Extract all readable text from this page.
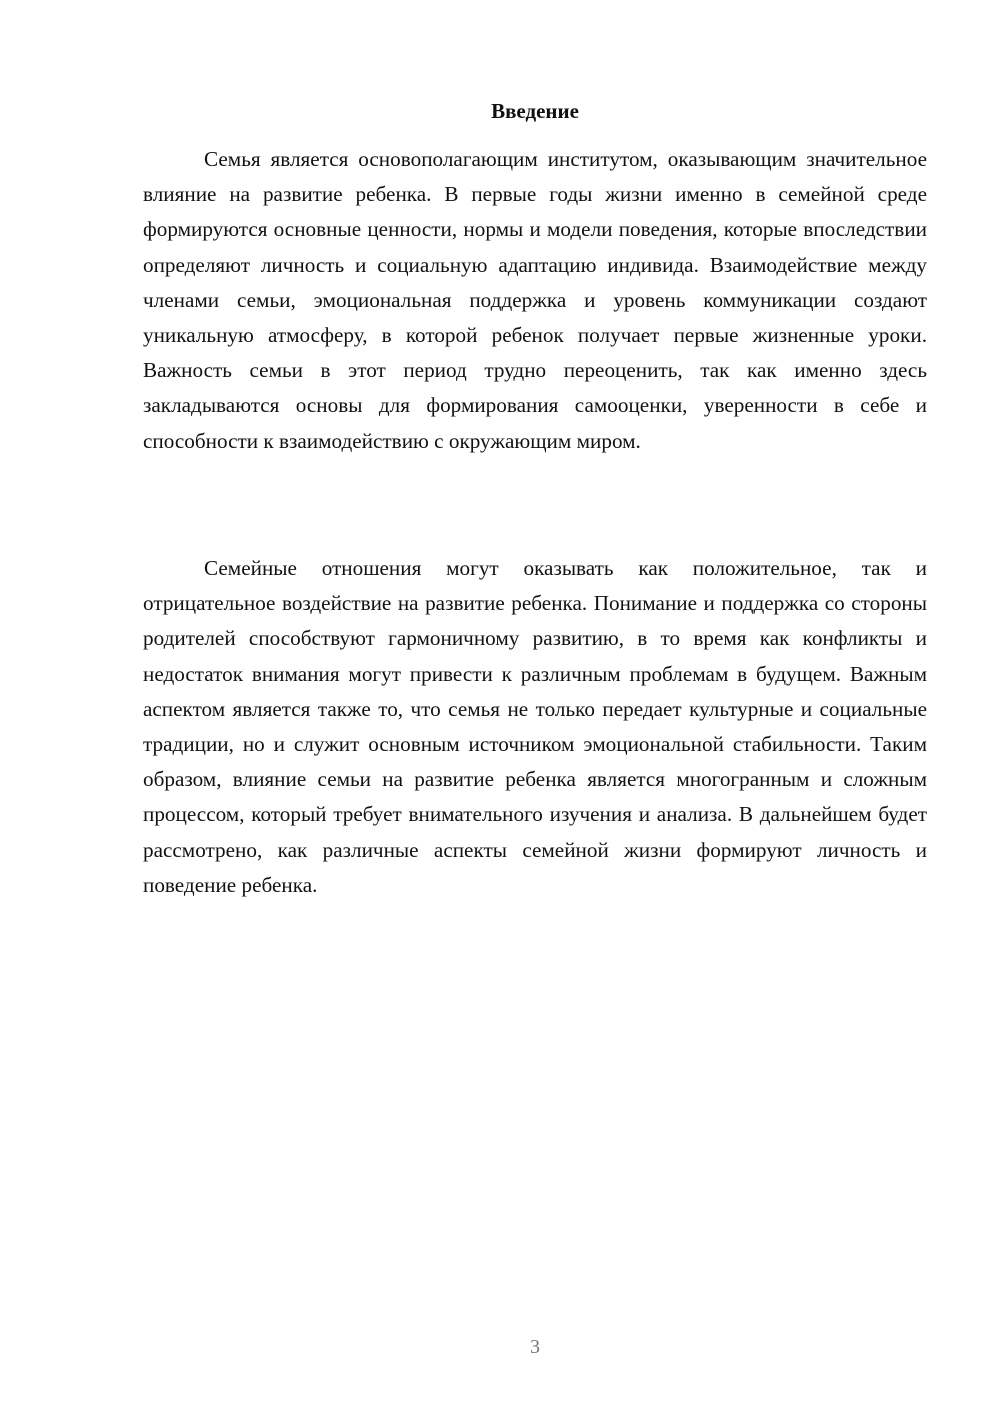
Введение

Семья является основополагающим институтом, оказывающим значительное влияние на развитие ребенка. В первые годы жизни именно в семейной среде формируются основные ценности, нормы и модели поведения, которые впоследствии определяют личность и социальную адаптацию индивида. Взаимодействие между членами семьи, эмоциональная поддержка и уровень коммуникации создают уникальную атмосферу, в которой ребенок получает первые жизненные уроки. Важность семьи в этот период трудно переоценить, так как именно здесь закладываются основы для формирования самооценки, уверенности в себе и способности к взаимодействию с окружающим миром.

Семейные отношения могут оказывать как положительное, так и отрицательное воздействие на развитие ребенка. Понимание и поддержка со стороны родителей способствуют гармоничному развитию, в то время как конфликты и недостаток внимания могут привести к различным проблемам в будущем. Важным аспектом является также то, что семья не только передает культурные и социальные традиции, но и служит основным источником эмоциональной стабильности. Таким образом, влияние семьи на развитие ребенка является многогранным и сложным процессом, который требует внимательного изучения и анализа. В дальнейшем будет рассмотрено, как различные аспекты семейной жизни формируют личность и поведение ребенка.

3
